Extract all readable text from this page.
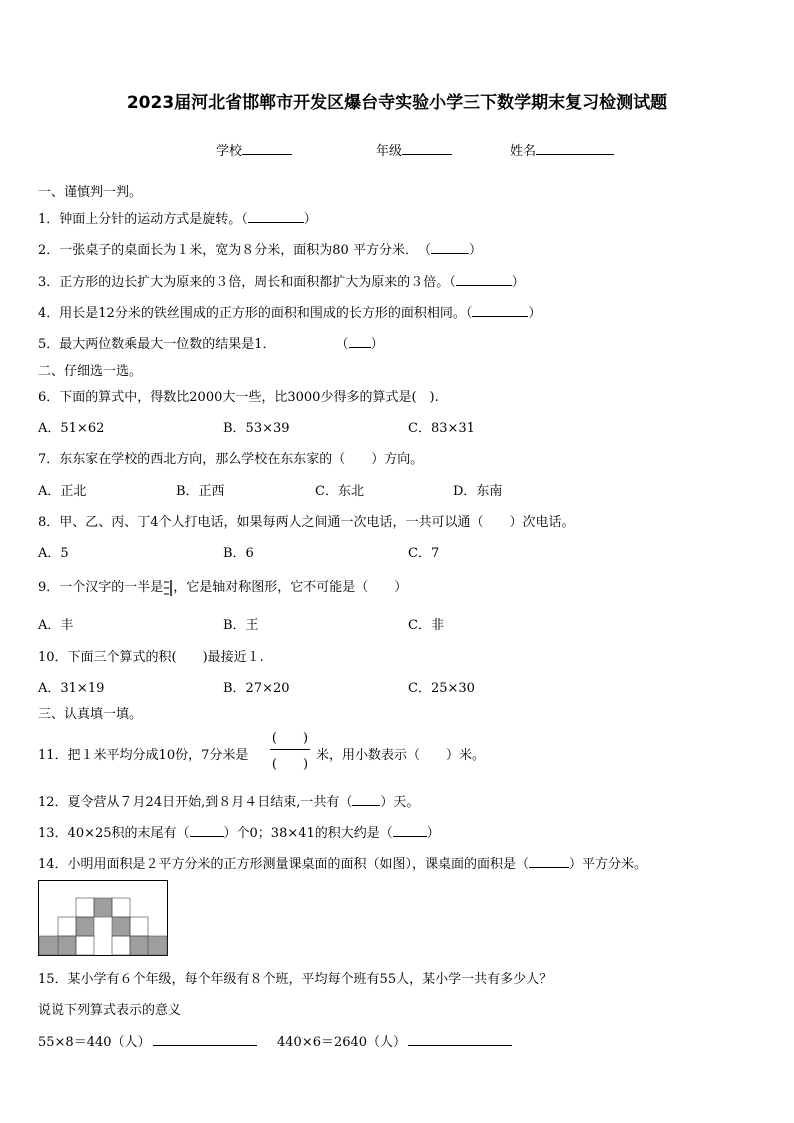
2023届河北省邯郸市开发区爆台寺实验小学三下数学期末复习检测试题
学校	年级	姓名
一、谨慎判一判。
1．钟面上分针的运动方式是旋转。（	）
2．一张桌子的桌面长为１米，宽为８分米，面积为80 平方分米．　（	）
3．正方形的边长扩大为原来的３倍，周长和面积都扩大为原来的３倍。（	）
4．用长是12分米的铁丝围成的正方形的面积和围成的长方形的面积相同。（	）
5．最大两位数乘最大一位数的结果是1．	（ ）
二、仔细选一选。
6．下面的算式中，得数比2000大一些，比3000少得多的算式是(　).
A．51×62	B．53×39	C．83×31
7．东东家在学校的西北方向，那么学校在东东家的（　　）方向。
A．正北	B．正西	C．东北	D．东南
8．甲、乙、丙、丁4个人打电话，如果每两人之间通一次电话，一共可以通（　　）次电话。
A．5	B．6	C．7
9．一个汉字的一半是 ，它是轴对称图形，它不可能是（　　）
A．丰	B．王	C．非
10．下面三个算式的积(　　)最接近１.
A．31×19	B．27×20	C．25×30
三、认真填一填。
11．把１米平均分成10份，7分米是
(　　)
(　　)
米，用小数表示（　　）米。
12．夏令营从７月24日开始,到８月４日结束,一共有（ ）天。
13．40×25积的末尾有（	）个0；38×41的积大约是（	）
14．小明用面积是２平方分米的正方形测量课桌面的面积（如图），课桌面的面积是（	）平方分米。
15．某小学有６个年级，每个年级有８个班，平均每个班有55人，某小学一共有多少人？
说说下列算式表示的意义
55×8＝440（人）	440×6＝2640（人）
